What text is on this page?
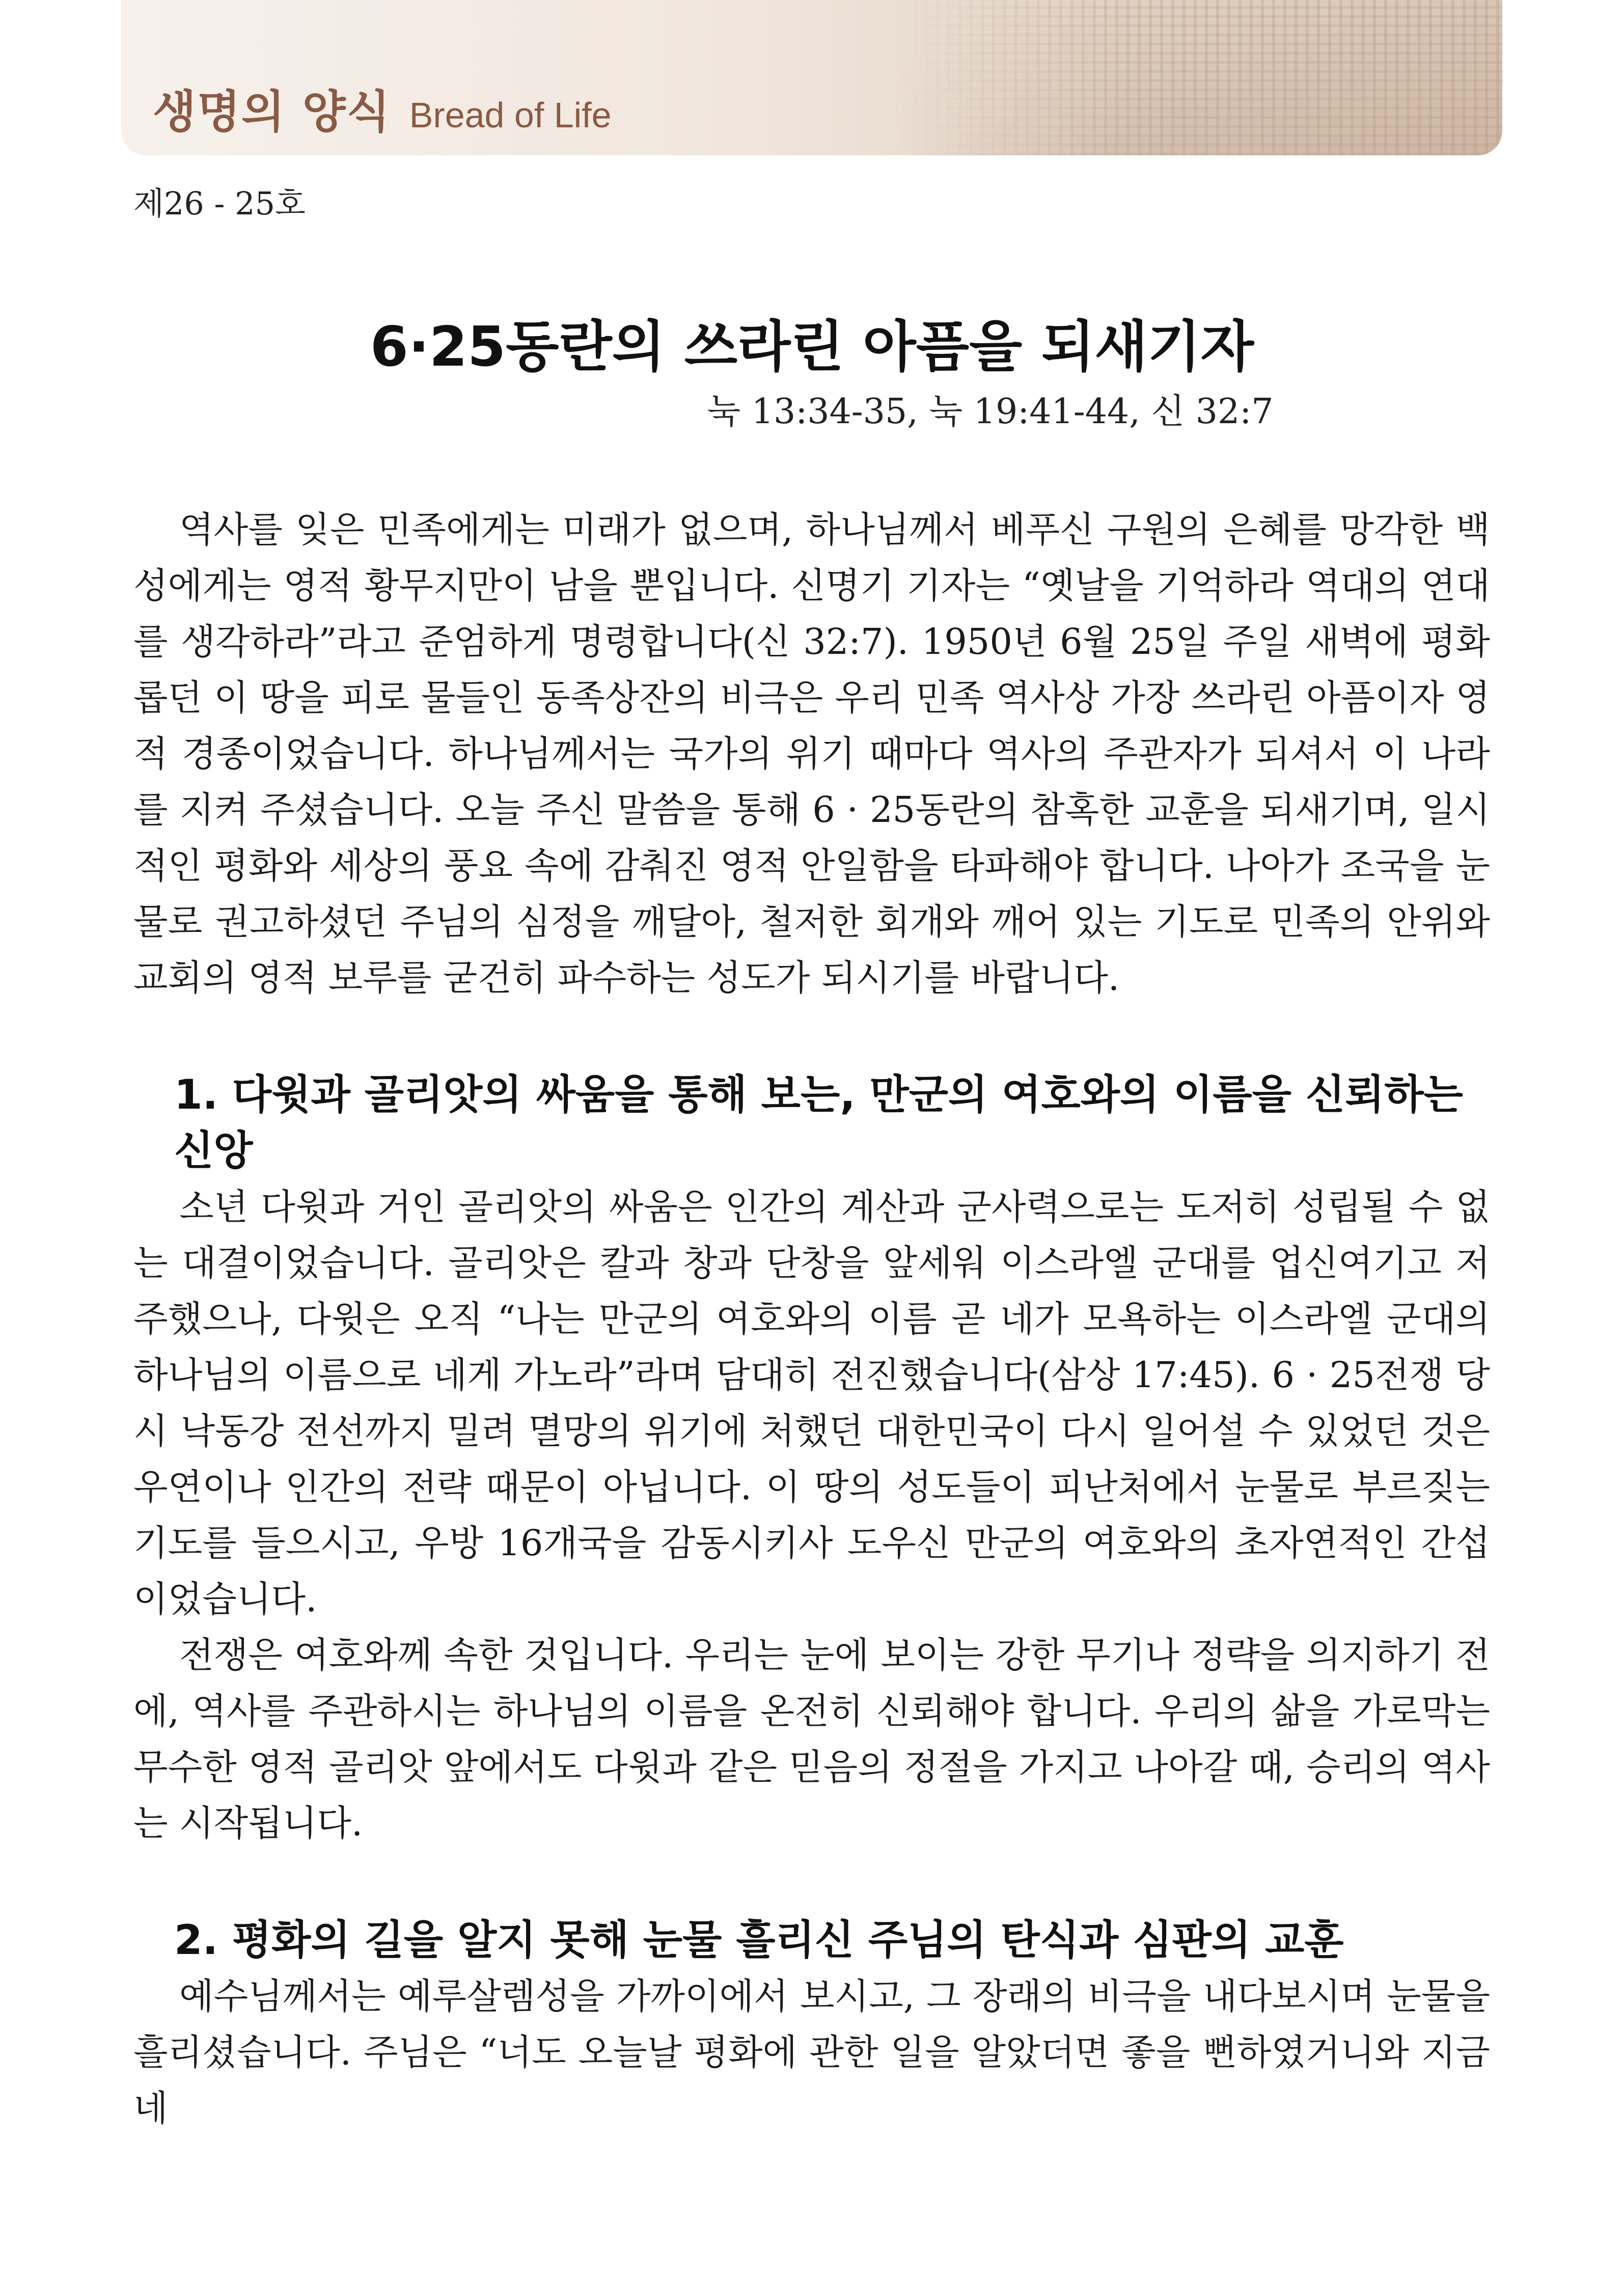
생명의 양식 Bread of Life
제26 - 25호
6·25동란의 쓰라린 아픔을 되새기자
눅 13:34-35, 눅 19:41-44, 신 32:7

역사를 잊은 민족에게는 미래가 없으며, 하나님께서 베푸신 구원의 은혜를 망각한 백성에게는 영적 황무지만이 남을 뿐입니다. 신명기 기자는 “옛날을 기억하라 역대의 연대를 생각하라”라고 준엄하게 명령합니다(신 32:7). 1950년 6월 25일 주일 새벽에 평화롭던 이 땅을 피로 물들인 동족상잔의 비극은 우리 민족 역사상 가장 쓰라린 아픔이자 영적 경종이었습니다. 하나님께서는 국가의 위기 때마다 역사의 주관자가 되셔서 이 나라를 지켜 주셨습니다. 오늘 주신 말씀을 통해 6 · 25동란의 참혹한 교훈을 되새기며, 일시적인 평화와 세상의 풍요 속에 감춰진 영적 안일함을 타파해야 합니다. 나아가 조국을 눈물로 권고하셨던 주님의 심정을 깨달아, 철저한 회개와 깨어 있는 기도로 민족의 안위와 교회의 영적 보루를 굳건히 파수하는 성도가 되시기를 바랍니다.

1. 다윗과 골리앗의 싸움을 통해 보는, 만군의 여호와의 이름을 신뢰하는 신앙

소년 다윗과 거인 골리앗의 싸움은 인간의 계산과 군사력으로는 도저히 성립될 수 없는 대결이었습니다. 골리앗은 칼과 창과 단창을 앞세워 이스라엘 군대를 업신여기고 저주했으나, 다윗은 오직 “나는 만군의 여호와의 이름 곧 네가 모욕하는 이스라엘 군대의 하나님의 이름으로 네게 가노라”라며 담대히 전진했습니다(삼상 17:45). 6 · 25전쟁 당시 낙동강 전선까지 밀려 멸망의 위기에 처했던 대한민국이 다시 일어설 수 있었던 것은 우연이나 인간의 전략 때문이 아닙니다. 이 땅의 성도들이 피난처에서 눈물로 부르짖는 기도를 들으시고, 우방 16개국을 감동시키사 도우신 만군의 여호와의 초자연적인 간섭이었습니다.

전쟁은 여호와께 속한 것입니다. 우리는 눈에 보이는 강한 무기나 정략을 의지하기 전에, 역사를 주관하시는 하나님의 이름을 온전히 신뢰해야 합니다. 우리의 삶을 가로막는 무수한 영적 골리앗 앞에서도 다윗과 같은 믿음의 정절을 가지고 나아갈 때, 승리의 역사는 시작됩니다.

2. 평화의 길을 알지 못해 눈물 흘리신 주님의 탄식과 심판의 교훈

예수님께서는 예루살렘성을 가까이에서 보시고, 그 장래의 비극을 내다보시며 눈물을 흘리셨습니다. 주님은 “너도 오늘날 평화에 관한 일을 알았더면 좋을 뻔하였거니와 지금 네
